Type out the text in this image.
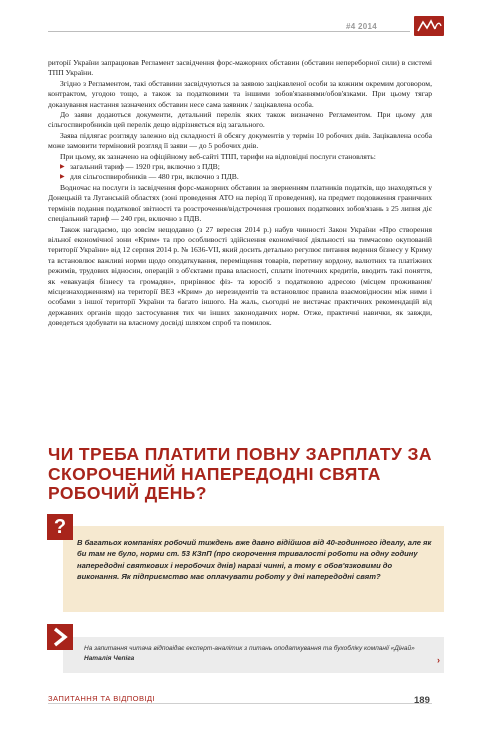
#4 2014

риторії України запрацював Регламент засвідчення форс-мажорних обставин (обставин непереборної сили) в системі ТПП України.

Згідно з Регламентом, такі обставини засвідчуються за заявою зацікавленої особи за кожним окремим договором, контрактом, угодою тощо, а також за податковими та іншими зобов'язаннями/обов'язками. При цьому тягар доказування настання зазначених обставин несе сама заявник / зацікавлена особа.

До заяви додаються документи, детальний перелік яких також визначено Регламентом. При цьому для сільгоспвиробників цей перелік дещо відрізняється від загального.

Заява підлягає розгляду залежно від складності й обсягу документів у термін 10 робочих днів. Зацікавлена особа може замовити терміновий розгляд її заяви — до 5 робочих днів.

При цьому, як зазначено на офіційному веб-сайті ТПП, тарифи на відповідні послуги становлять:

▶ загальний тариф — 1920 грн, включно з ПДВ;
▶ для сільгоспвиробників — 480 грн, включно з ПДВ.

Водночас на послуги із засвідчення форс-мажорних обставин за зверненням платників податків, що знаходяться у Донецькій та Луганській областях (зоні проведення АТО на період її проведення), на предмет подовження граничних термінів подання податкової звітності та розстрочення/відстрочення грошових податкових зобов'язань з 25 липня діє спеціальний тариф — 240 грн, включно з ПДВ.

Також нагадаємо, що зовсім нещодавно (з 27 вересня 2014 р.) набув чинності Закон України «Про створення вільної економічної зони «Крим» та про особливості здійснення економічної діяльності на тимчасово окупованій території України» від 12 серпня 2014 р. № 1636-VII, який досить детально регулює питання ведення бізнесу у Криму та встановлює важливі норми щодо оподаткування, переміщення товарів, перетину кордону, валютних та платіжних режимів, трудових відносин, операцій з об'єктами права власності, сплати іпотечних кредитів, вводить такі поняття, як «евакуація бізнесу та громадян», прирівнює фіз- та юросіб з податковою адресою (місцем проживання/місцезнаходженням) на території ВЕЗ «Крим» до нерезидентів та встановлює правила взаємовідносин між ними і особами з іншої території України та багато іншого. На жаль, сьогодні не вистачає практичних рекомендацій від державних органів щодо застосування тих чи інших законодавчих норм. Отже, практичні навички, як завжди, доведеться здобувати на власному досвіді шляхом спроб та помилок.

ЧИ ТРЕБА ПЛАТИТИ ПОВНУ ЗАРПЛАТУ ЗА СКОРОЧЕНИЙ НАПЕРЕДОДНІ СВЯТА РОБОЧИЙ ДЕНЬ?
?

В багатьох компаніях робочий тиждень вже давно відійшов від 40-годинного ідеалу, але як би там не було, норми ст. 53 КЗпП (про скорочення тривалості роботи на одну годину напередодні святкових і неробочих днів) наразі чинні, а тому є обов'язковими до виконання. Як підприємство має оплачувати роботу у дні напередодні свят?

На запитання читача відповідає експерт-аналітик з питань оподаткування та бухобліку компанії «Дінай» Наталія Чепіга	›
ЗАПИТАННЯ ТА ВІДПОВІДІ	189
